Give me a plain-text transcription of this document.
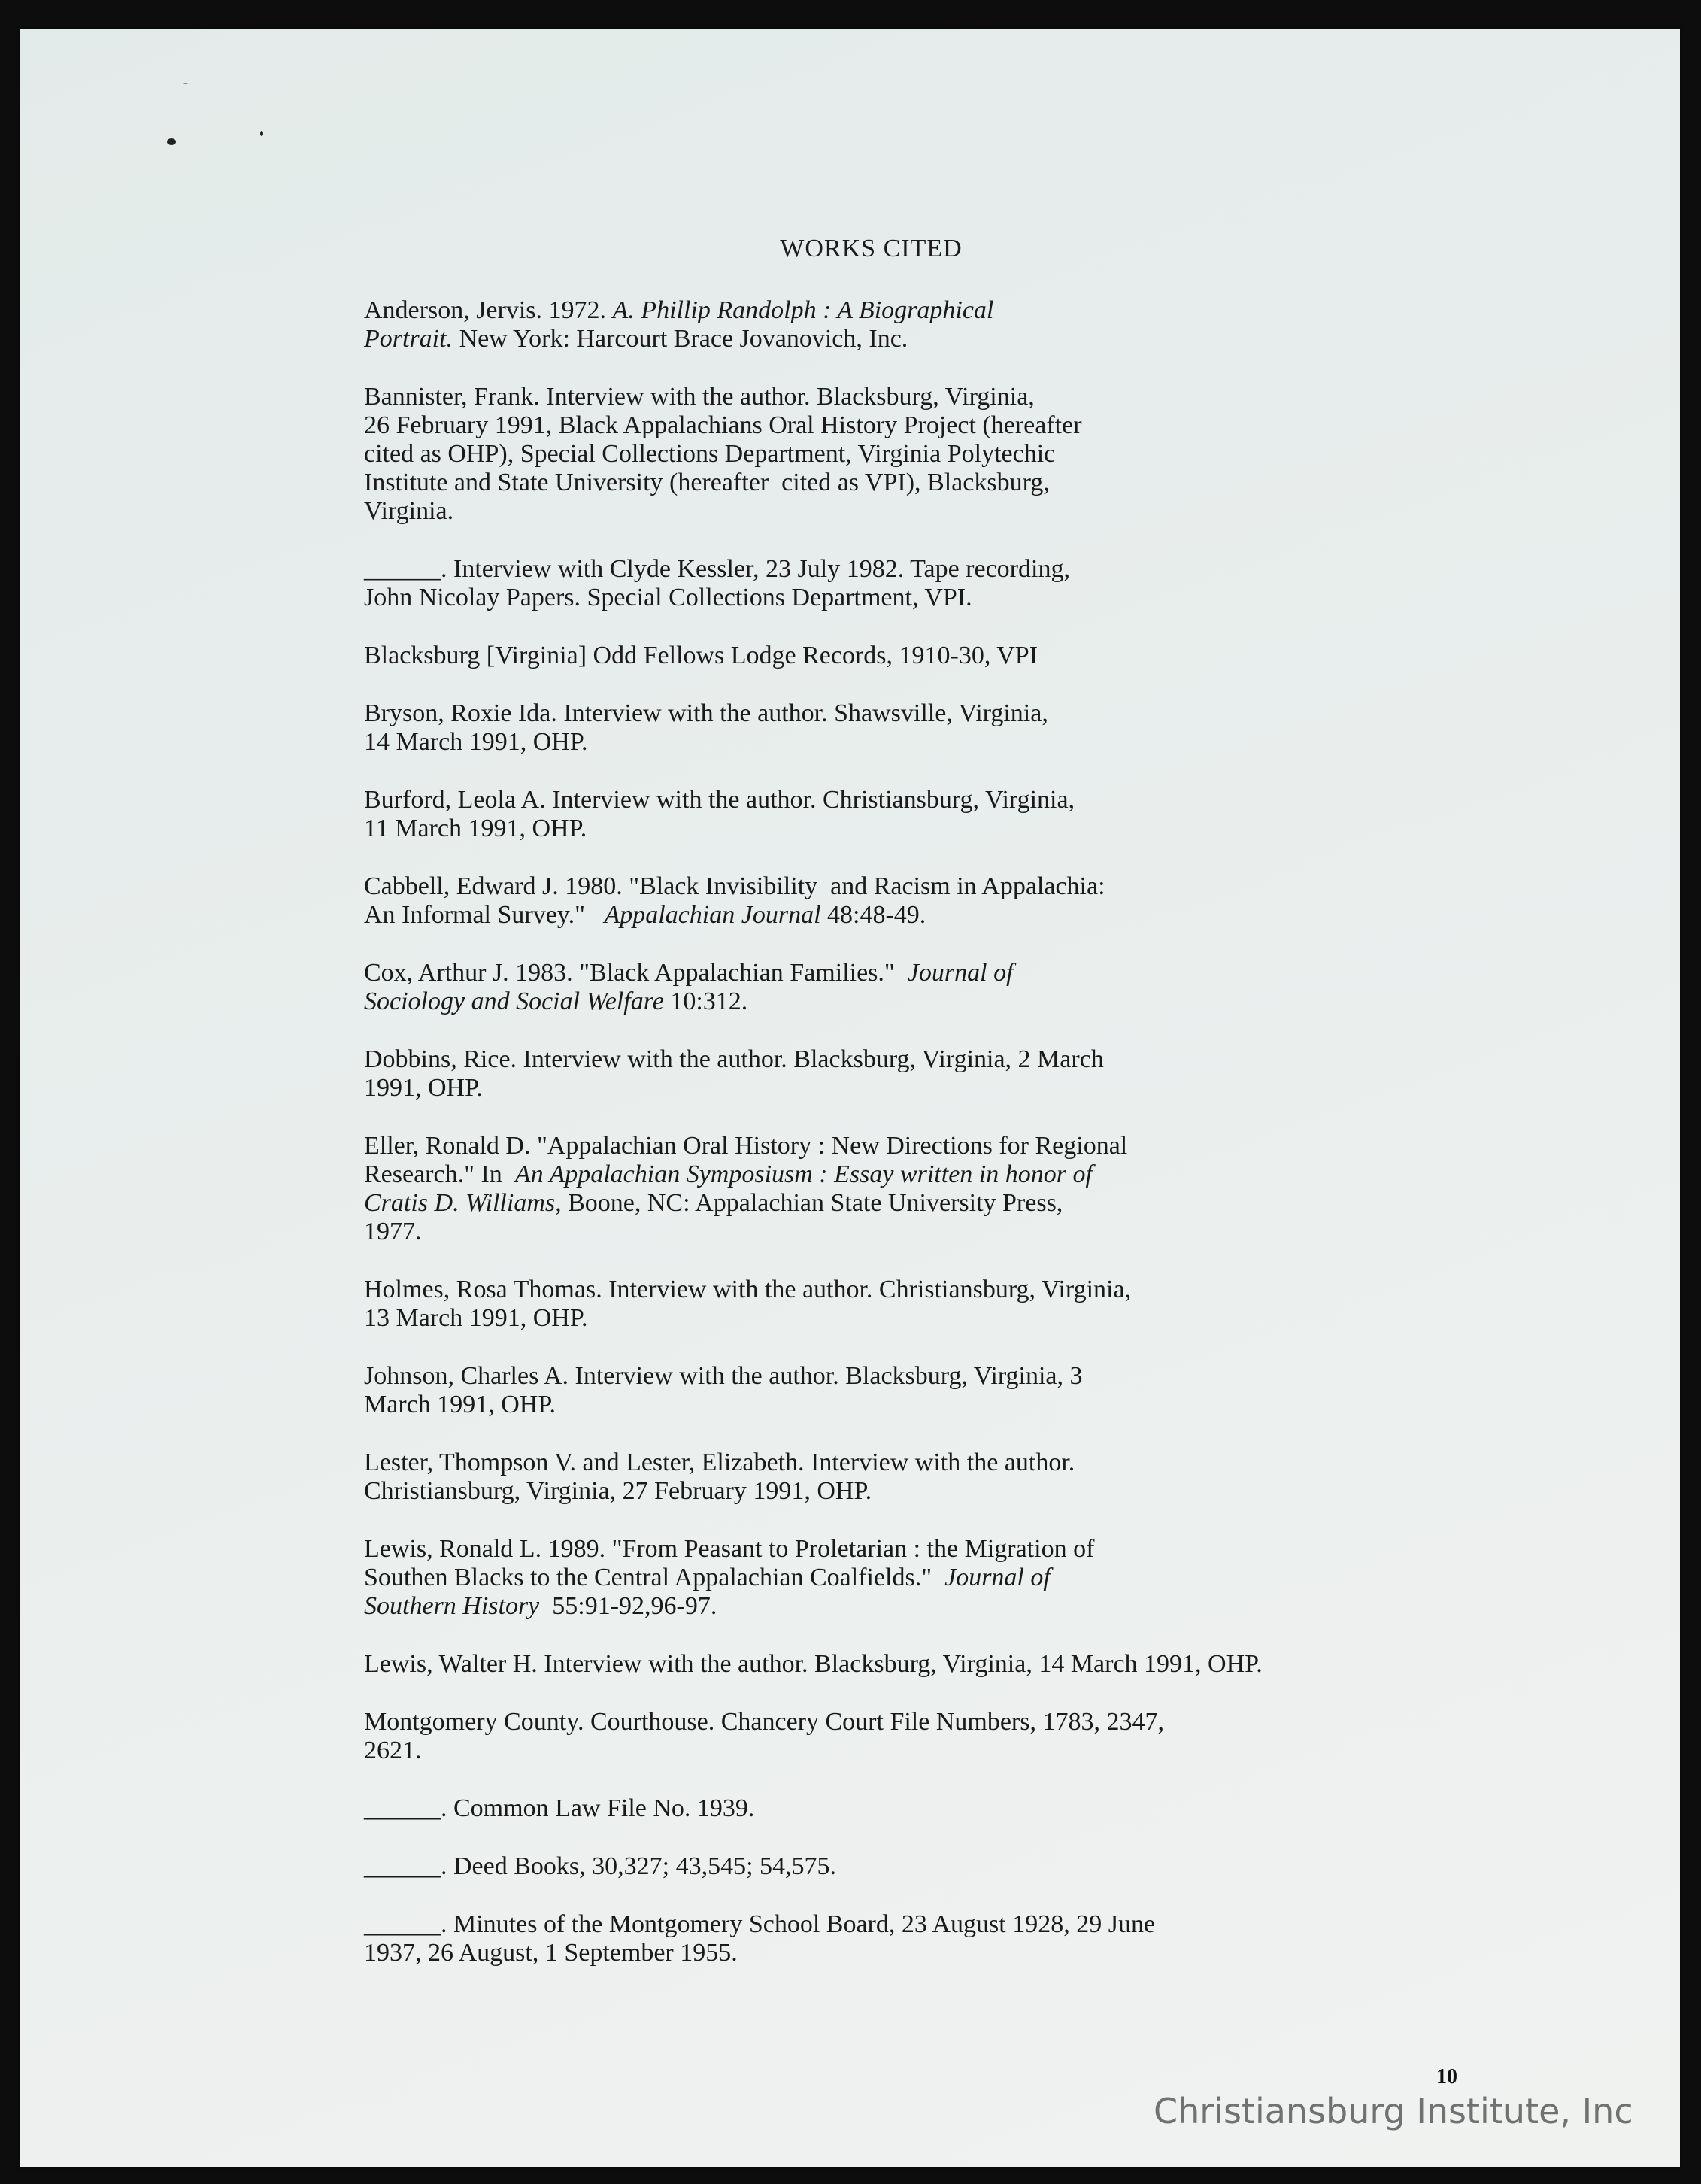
WORKS CITED
Anderson, Jervis. 1972. A. Phillip Randolph : A Biographical
Portrait. New York: Harcourt Brace Jovanovich, Inc.
Bannister, Frank. Interview with the author. Blacksburg, Virginia,
26 February 1991, Black Appalachians Oral History Project (hereafter
cited as OHP), Special Collections Department, Virginia Polytechic
Institute and State University (hereafter  cited as VPI), Blacksburg,
Virginia.
______. Interview with Clyde Kessler, 23 July 1982. Tape recording,
John Nicolay Papers. Special Collections Department, VPI.
Blacksburg [Virginia] Odd Fellows Lodge Records, 1910-30, VPI
Bryson, Roxie Ida. Interview with the author. Shawsville, Virginia,
14 March 1991, OHP.
Burford, Leola A. Interview with the author. Christiansburg, Virginia,
11 March 1991, OHP.
Cabbell, Edward J. 1980. "Black Invisibility  and Racism in Appalachia:
An Informal Survey."   Appalachian Journal 48:48-49.
Cox, Arthur J. 1983. "Black Appalachian Families."  Journal of
Sociology and Social Welfare 10:312.
Dobbins, Rice. Interview with the author. Blacksburg, Virginia, 2 March
1991, OHP.
Eller, Ronald D. "Appalachian Oral History : New Directions for Regional
Research." In  An Appalachian Symposiusm : Essay written in honor of
Cratis D. Williams, Boone, NC: Appalachian State University Press,
1977.
Holmes, Rosa Thomas. Interview with the author. Christiansburg, Virginia,
13 March 1991, OHP.
Johnson, Charles A. Interview with the author. Blacksburg, Virginia, 3
March 1991, OHP.
Lester, Thompson V. and Lester, Elizabeth. Interview with the author.
Christiansburg, Virginia, 27 February 1991, OHP.
Lewis, Ronald L. 1989. "From Peasant to Proletarian : the Migration of
Southen Blacks to the Central Appalachian Coalfields."  Journal of
Southern History  55:91-92,96-97.
Lewis, Walter H. Interview with the author. Blacksburg, Virginia, 14 March 1991, OHP.
Montgomery County. Courthouse. Chancery Court File Numbers, 1783, 2347,
2621.
______. Common Law File No. 1939.
______. Deed Books, 30,327; 43,545; 54,575.
______. Minutes of the Montgomery School Board, 23 August 1928, 29 June
1937, 26 August, 1 September 1955.
10
Christiansburg Institute, Inc
